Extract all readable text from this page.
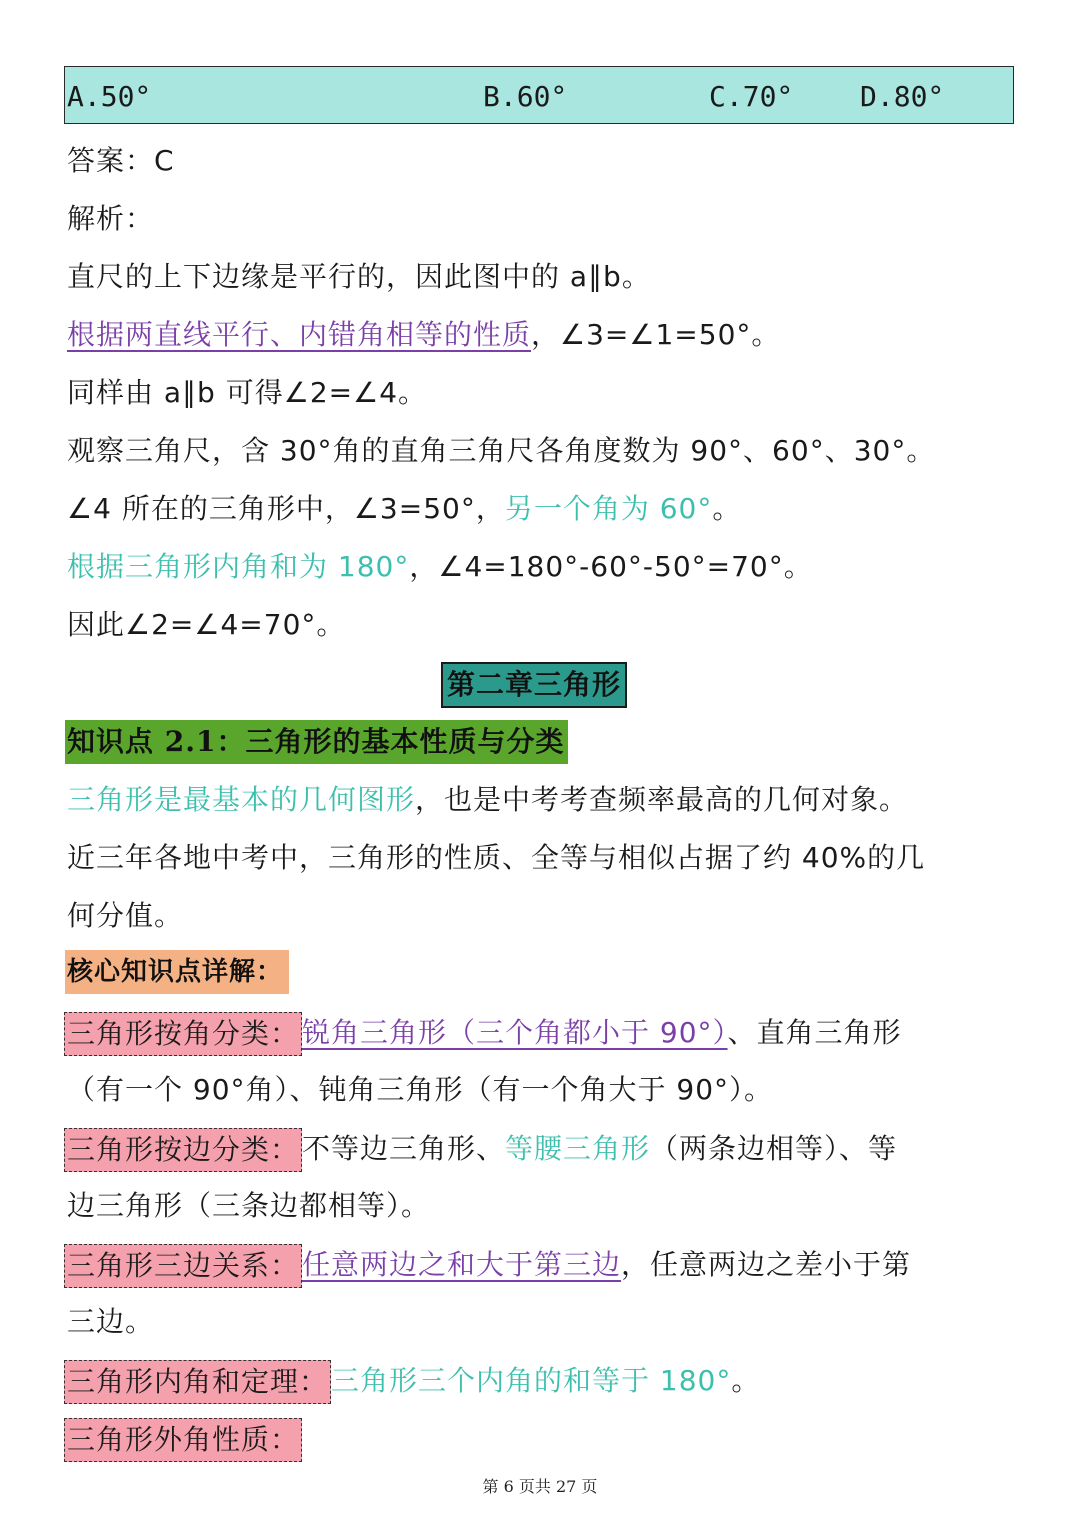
A.50°	B.60°	C.70° D.80°
答案：C
解析：
直尺的上下边缘是平行的，因此图中的 a∥b。
根据两直线平行、内错角相等的性质，∠3=∠1=50°。
同样由 a∥b 可得∠2=∠4。
观察三角尺，含 30°角的直角三角尺各角度数为 90°、60°、30°。
∠4 所在的三角形中，∠3=50°，另一个角为 60°。
根据三角形内角和为 180°，∠4=180°-60°-50°=70°。
因此∠2=∠4=70°。
第二章三角形
知识点 2.1：三角形的基本性质与分类
三角形是最基本的几何图形，也是中考考查频率最高的几何对象。
近三年各地中考中，三角形的性质、全等与相似占据了约 40%的几
何分值。
核心知识点详解：
三角形按角分类： 锐角三角形（三个角都小于 90°）、直角三角形
（有一个 90°角）、钝角三角形（有一个角大于 90°）。
三角形按边分类： 不等边三角形、等腰三角形（两条边相等）、等
边三角形（三条边都相等）。
三角形三边关系： 任意两边之和大于第三边，任意两边之差小于第
三边。
三角形内角和定理： 三角形三个内角的和等于 180°。
三角形外角性质：
第 6 页共 27 页
